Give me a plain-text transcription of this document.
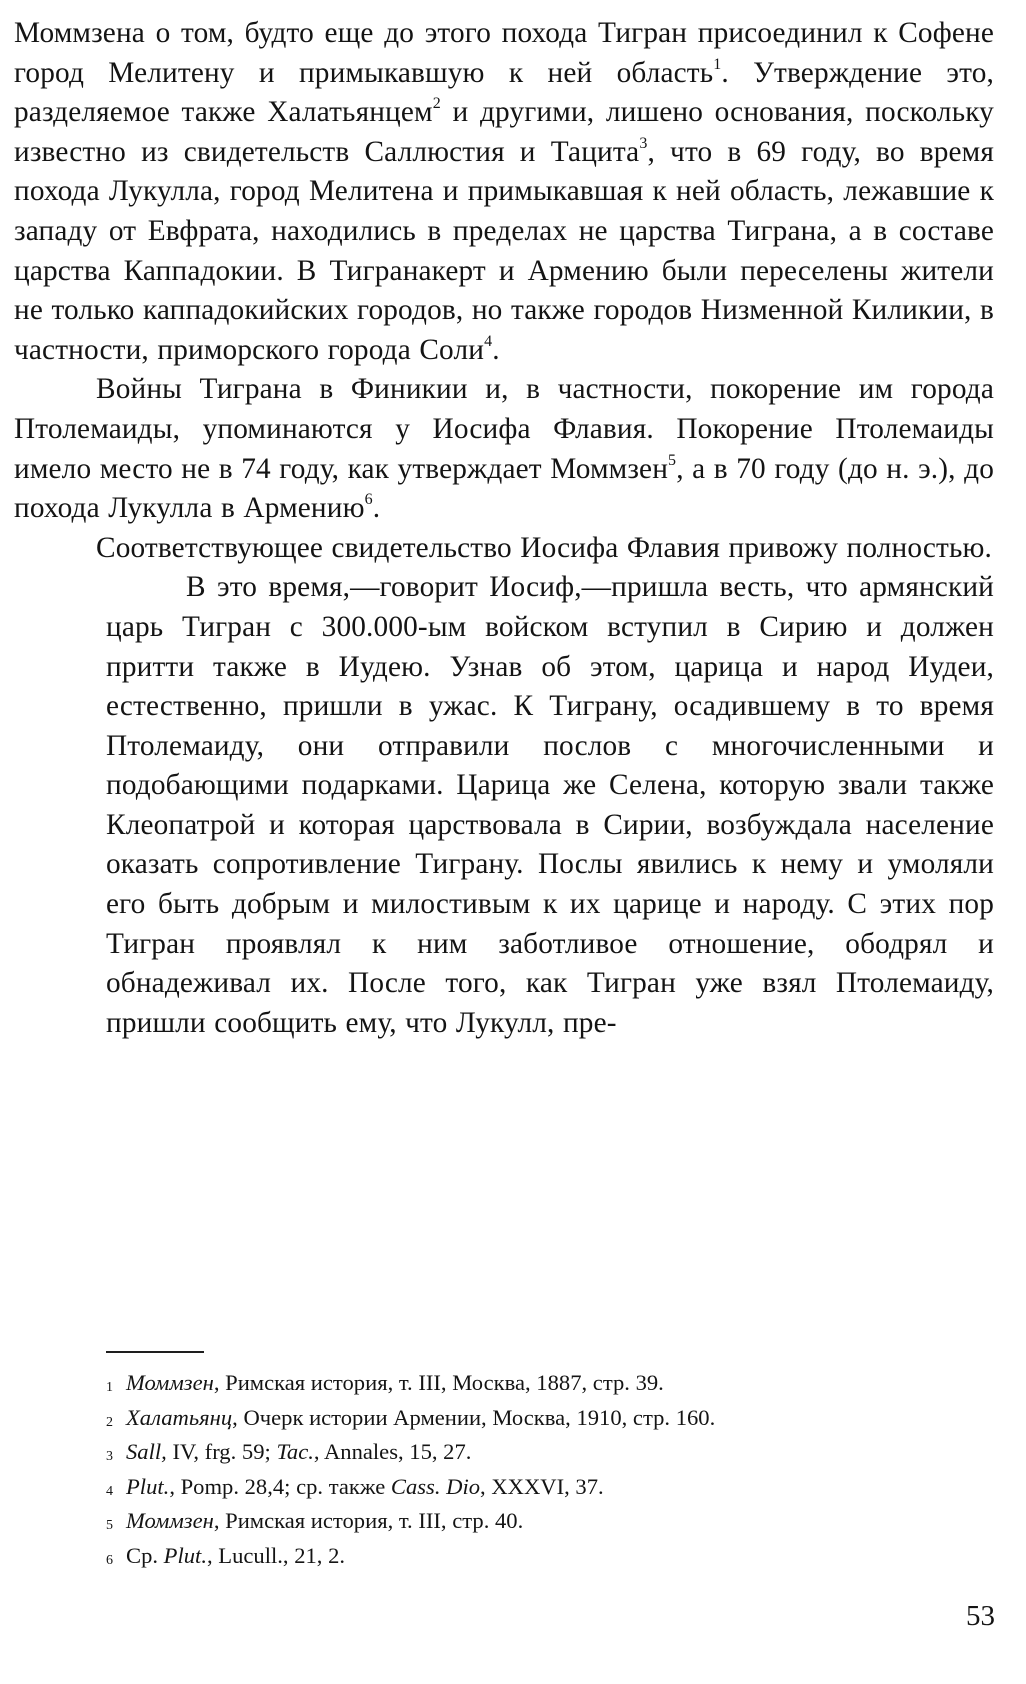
Моммзена о том, будто еще до этого похода Тигран присоединил к Софене город Мелитену и примыкавшую к ней область$^1$. Утверждение это, разделяемое также Халатьянцем$^2$ и другими, лишено основания, поскольку известно из свидетельств Саллюстия и Тацита$^3$, что в 69 году, во время похода Лукулла, город Мелитена и примыкавшая к ней область, лежавшие к западу от Евфрата, находились в пределах не царства Тиграна, а в составе царства Каппадокии. В Тигранакерт и Армению были переселены жители не только каппадокийских городов, но также городов Низменной Киликии, в частности, приморского города Соли$^4$.

Войны Тиграна в Финикии и, в частности, покорение им города Птолемаиды, упоминаются у Иосифа Флавия. Покорение Птолемаиды имело место не в 74 году, как утверждает Моммзен$^5$, а в 70 году (до н. э.), до похода Лукулла в Армению$^6$.

Соответствующее свидетельство Иосифа Флавия привожу полностью.

В это время,—говорит Иосиф,—пришла весть, что армянский царь Тигран с 300.000-ым войском вступил в Сирию и должен притти также в Иудею. Узнав об этом, царица и народ Иудеи, естественно, пришли в ужас. К Тиграну, осадившему в то время Птолемаиду, они отправили послов с многочисленными и подобающими подарками. Царица же Селена, которую звали также Клеопатрой и которая царствовала в Сирии, возбуждала население оказать сопротивление Тиграну. Послы явились к нему и умоляли его быть добрым и милостивым к их царице и народу. С этих пор Тигран проявлял к ним заботливое отношение, ободрял и обнадеживал их. После того, как Тигран уже взял Птолемаиду, пришли сообщить ему, что Лукулл, пре-

1 Моммзен, Римская история, т. III, Москва, 1887, стр. 39.

2 Халатьянц, Очерк истории Армении, Москва, 1910, стр. 160.

3 Sall, IV, frg. 59; Tac., Annales, 15, 27.

4 Plut., Pomp. 28,4; ср. также Cass. Dio, XXXVI, 37.

5 Моммзен, Римская история, т. III, стр. 40.

6 Ср. Plut., Lucull., 21, 2.

53
